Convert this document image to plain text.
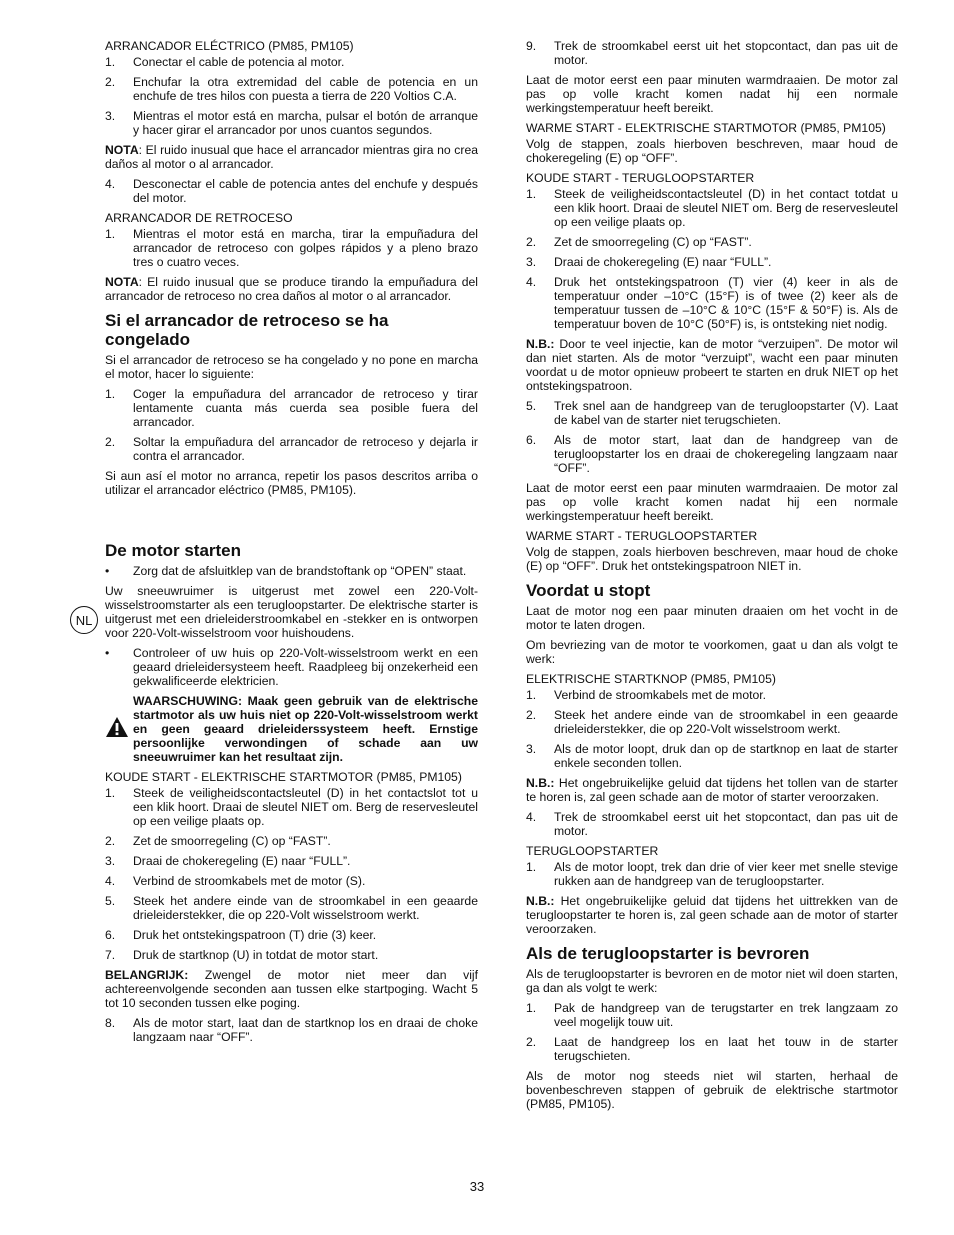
ARRANCADOR ELÉCTRICO (PM85, PM105)

1. Conectar el cable de potencia al motor.
2. Enchufar la otra extremidad del cable de potencia en un enchufe de tres hilos con puesta a tierra de 220 Voltios C.A.
3. Mientras el motor está en marcha, pulsar el botón de arranque y hacer girar el arrancador por unos cuantos segundos.

NOTA: El ruido inusual que hace el arrancador mientras gira no crea daños al motor o al arrancador.

4. Desconectar el cable de potencia antes del enchufe y después del motor.

ARRANCADOR DE RETROCESO

1. Mientras el motor está en marcha, tirar la empuñadura del arrancador de retroceso con golpes rápidos y a pleno brazo tres o cuatro veces.

NOTA: El ruido inusual que se produce tirando la empuñadura del arrancador de retroceso no crea daños al motor o al arrancador.

Si el arrancador de retroceso se ha congelado

Si el arrancador de retroceso se ha congelado y no pone en marcha el motor, hacer lo siguiente:

1. Coger la empuñadura del arrancador de retroceso y tirar lentamente cuanta más cuerda sea posible fuera del arrancador.
2. Soltar la empuñadura del arrancador de retroceso y dejarla ir contra el arrancador.

Si aun así el motor no arranca, repetir los pasos descritos arriba o utilizar el arrancador eléctrico (PM85, PM105).

De motor starten
• Zorg dat de afsluitklep van de brandstoftank op “OPEN” staat.

Uw sneeuwruimer is uitgerust met zowel een 220-Volt-wisselstroomstarter als een terugloopstarter. De elektrische starter is uitgerust met een drieleiderstroomkabel en -stekker en is ontworpen voor 220-Volt-wisselstroom voor huishoudens.

• Controleer of uw huis op 220-Volt-wisselstroom werkt en een geaard drieleidersysteem heeft. Raadpleeg bij onzekerheid een gekwalificeerde elektricien.
WAARSCHUWING: Maak geen gebruik van de elektrische startmotor als uw huis niet op 220-Volt-wisselstroom werkt en geen geaard drieleiderssysteem heeft. Ernstige persoonlijke verwondingen of schade aan uw sneeuwruimer kan het resultaat zijn.

KOUDE START - ELEKTRISCHE STARTMOTOR (PM85, PM105)

1. Steek de veiligheidscontactsleutel (D) in het contactslot tot u een klik hoort. Draai de sleutel NIET om. Berg de reservesleutel op een veilige plaats op.
2. Zet de smoorregeling (C) op “FAST”.
3. Draai de chokeregeling (E) naar “FULL”.
4. Verbind de stroomkabels met de motor (S).
5. Steek het andere einde van de stroomkabel in een geaarde drieleiderstekker, die op 220-Volt wisselstroom werkt.
6. Druk het ontstekingspatroon (T) drie (3) keer.
7. Druk de startknop (U) in totdat de motor start.

BELANGRIJK: Zwengel de motor niet meer dan vijf achtereenvolgende seconden aan tussen elke startpoging. Wacht 5 tot 10 seconden tussen elke poging.

8. Als de motor start, laat dan de startknop los en draai de choke langzaam naar “OFF”.
NL
9. Trek de stroomkabel eerst uit het stopcontact, dan pas uit de motor.

Laat de motor eerst een paar minuten warmdraaien. De motor zal pas op volle kracht komen nadat hij een normale werkingstemperatuur heeft bereikt.

WARME START - ELEKTRISCHE STARTMOTOR (PM85, PM105)

Volg de stappen, zoals hierboven beschreven, maar houd de chokeregeling (E) op “OFF”.

KOUDE START - TERUGLOOPSTARTER

1. Steek de veiligheidscontactsleutel (D) in het contact totdat u een klik hoort. Draai de sleutel NIET om. Berg de reservesleutel op een veilige plaats op.
2. Zet de smoorregeling (C) op “FAST”.
3. Draai de chokeregeling (E) naar “FULL”.
4. Druk het ontstekingspatroon (T) vier (4) keer in als de temperatuur onder –10°C (15°F) is of twee (2) keer als de temperatuur tussen de –10°C & 10°C (15°F & 50°F) is. Als de temperatuur boven de 10°C (50°F) is, is ontsteking niet nodig.

N.B.: Door te veel injectie, kan de motor “verzuipen”. De motor wil dan niet starten. Als de motor “verzuipt”, wacht een paar minuten voordat u de motor opnieuw probeert te starten en druk NIET op het ontstekingspatroon.

5. Trek snel aan de handgreep van de terugloopstarter (V). Laat de kabel van de starter niet terugschieten.
6. Als de motor start, laat dan de handgreep van de terugloopstarter los en draai de chokeregeling langzaam naar “OFF”.

Laat de motor eerst een paar minuten warmdraaien. De motor zal pas op volle kracht komen nadat hij een normale werkingstemperatuur heeft bereikt.

WARME START - TERUGLOOPSTARTER

Volg de stappen, zoals hierboven beschreven, maar houd de choke (E) op “OFF”. Druk het ontstekingspatroon NIET in.

Voordat u stopt

Laat de motor nog een paar minuten draaien om het vocht in de motor te laten drogen.

Om bevriezing van de motor te voorkomen, gaat u dan als volgt te werk:

ELEKTRISCHE STARTKNOP (PM85, PM105)

1. Verbind de stroomkabels met de motor.
2. Steek het andere einde van de stroomkabel in een geaarde drieleiderstekker, die op 220-Volt wisselstroom werkt.
3. Als de motor loopt, druk dan op de startknop en laat de starter enkele seconden tollen.

N.B.: Het ongebruikelijke geluid dat tijdens het tollen van de starter te horen is, zal geen schade aan de motor of starter veroorzaken.

4. Trek de stroomkabel eerst uit het stopcontact, dan pas uit de motor.

TERUGLOOPSTARTER

1. Als de motor loopt, trek dan drie of vier keer met snelle stevige rukken aan de handgreep van de terugloopstarter.

N.B.: Het ongebruikelijke geluid dat tijdens het uittrekken van de terugloopstarter te horen is, zal geen schade aan de motor of starter veroorzaken.

Als de terugloopstarter is bevroren

Als de terugloopstarter is bevroren en de motor niet wil doen starten, ga dan als volgt te werk:

1. Pak de handgreep van de terugstarter en trek langzaam zo veel mogelijk touw uit.
2. Laat de handgreep los en laat het touw in de starter terugschieten.

Als de motor nog steeds niet wil starten, herhaal de bovenbeschreven stappen of gebruik de elektrische startmotor (PM85, PM105).

33
